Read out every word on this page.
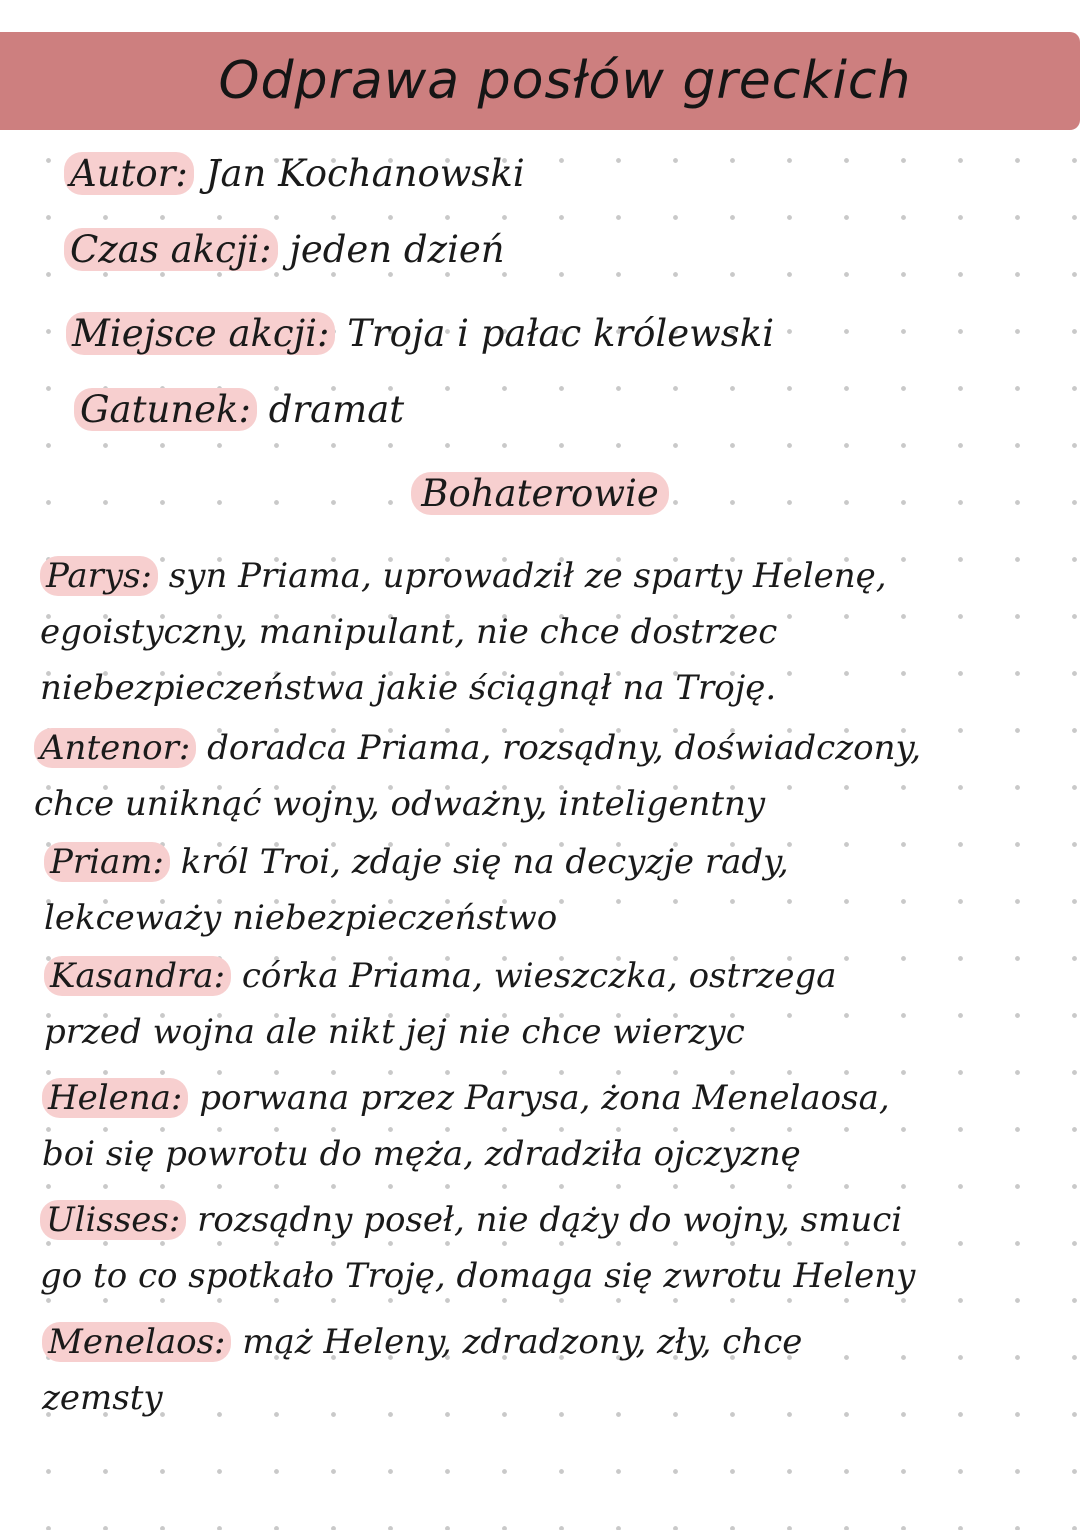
Odprawa posłów greckich
Autor: Jan Kochanowski
Czas akcji: jeden dzień
Miejsce akcji: Troja i pałac królewski
Gatunek: dramat
Bohaterowie
Parys: syn Priama, uprowadził ze sparty Helenę,
egoistyczny, manipulant, nie chce dostrzec
niebezpieczeństwa jakie ściągnął na Troję.
Antenor: doradca Priama, rozsądny, doświadczony,
chce uniknąć wojny, odważny, inteligentny
Priam: król Troi, zdaje się na decyzje rady,
lekceważy niebezpieczeństwo
Kasandra: córka Priama, wieszczka, ostrzega
przed wojna ale nikt jej nie chce wierzyc
Helena: porwana przez Parysa, żona Menelaosa,
boi się powrotu do męża, zdradziła ojczyznę
Ulisses: rozsądny poseł, nie dąży do wojny, smuci
go to co spotkało Troję, domaga się zwrotu Heleny
Menelaos: mąż Heleny, zdradzony, zły, chce
zemsty
